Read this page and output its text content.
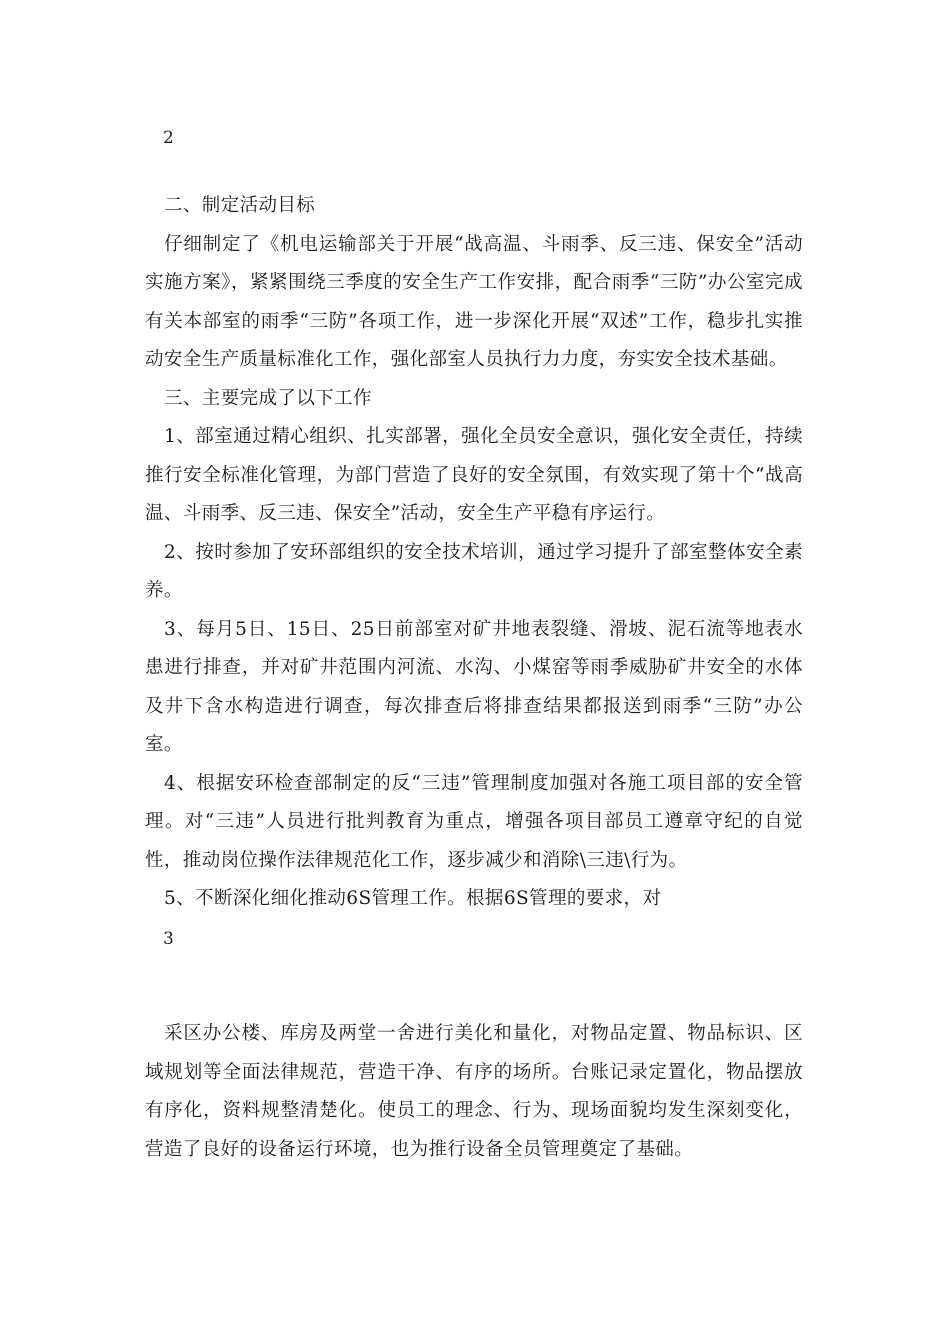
2

二、制定活动目标

仔细制定了《机电运输部关于开展“战高温、斗雨季、反三违、保安全”活动实施方案》，紧紧围绕三季度的安全生产工作安排，配合雨季“三防”办公室完成有关本部室的雨季“三防”各项工作，进一步深化开展“双述”工作，稳步扎实推动安全生产质量标准化工作，强化部室人员执行力力度，夯实安全技术基础。

三、主要完成了以下工作

1、部室通过精心组织、扎实部署，强化全员安全意识，强化安全责任，持续推行安全标准化管理，为部门营造了良好的安全氛围，有效实现了第十个“战高温、斗雨季、反三违、保安全”活动，安全生产平稳有序运行。

2、按时参加了安环部组织的安全技术培训，通过学习提升了部室整体安全素养。

3、每月5日、15日、25日前部室对矿井地表裂缝、滑坡、泥石流等地表水患进行排查，并对矿井范围内河流、水沟、小煤窑等雨季威胁矿井安全的水体及井下含水构造进行调查，每次排查后将排查结果都报送到雨季“三防”办公室。

4、根据安环检查部制定的反“三违”管理制度加强对各施工项目部的安全管理。对“三违”人员进行批判教育为重点，增强各项目部员工遵章守纪的自觉性，推动岗位操作法律规范化工作，逐步减少和消除\三违\行为。

5、不断深化细化推动6S管理工作。根据6S管理的要求，对

3

采区办公楼、库房及两堂一舍进行美化和量化，对物品定置、物品标识、区域规划等全面法律规范，营造干净、有序的场所。台账记录定置化，物品摆放有序化，资料规整清楚化。使员工的理念、行为、现场面貌均发生深刻变化，营造了良好的设备运行环境，也为推行设备全员管理奠定了基础。
